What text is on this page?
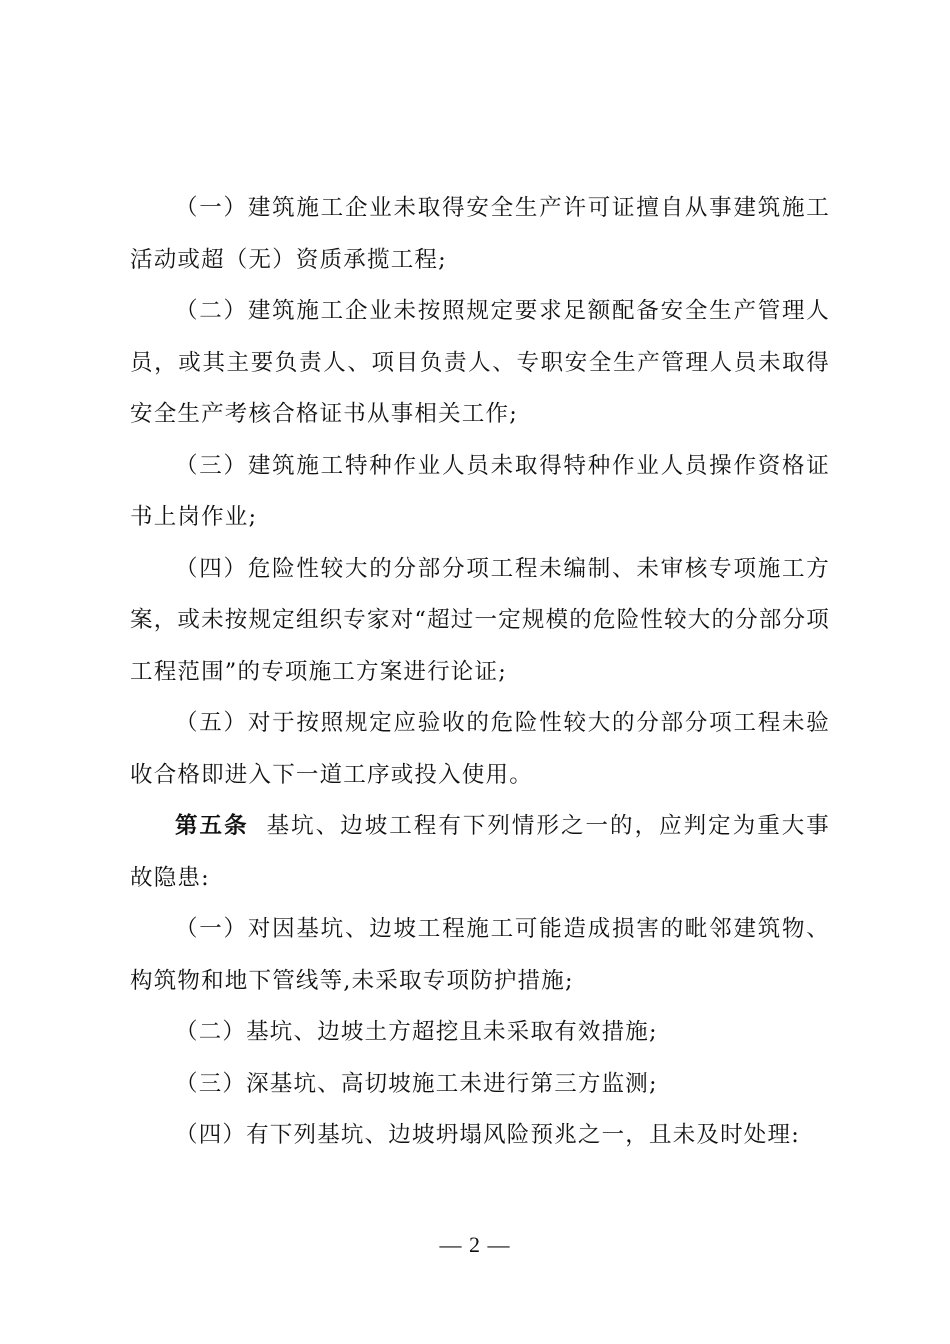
（一）建筑施工企业未取得安全生产许可证擅自从事建筑施工活动或超（无）资质承揽工程;

（二）建筑施工企业未按照规定要求足额配备安全生产管理人员，或其主要负责人、项目负责人、专职安全生产管理人员未取得安全生产考核合格证书从事相关工作;

（三）建筑施工特种作业人员未取得特种作业人员操作资格证书上岗作业;

（四）危险性较大的分部分项工程未编制、未审核专项施工方案，或未按规定组织专家对“超过一定规模的危险性较大的分部分项工程范围”的专项施工方案进行论证;

（五）对于按照规定应验收的危险性较大的分部分项工程未验收合格即进入下一道工序或投入使用。

第五条 基坑、边坡工程有下列情形之一的，应判定为重大事故隐患:

（一）对因基坑、边坡工程施工可能造成损害的毗邻建筑物、构筑物和地下管线等,未采取专项防护措施;

（二）基坑、边坡土方超挖且未采取有效措施;

（三）深基坑、高切坡施工未进行第三方监测;

（四）有下列基坑、边坡坍塌风险预兆之一，且未及时处理:

— 2 —
